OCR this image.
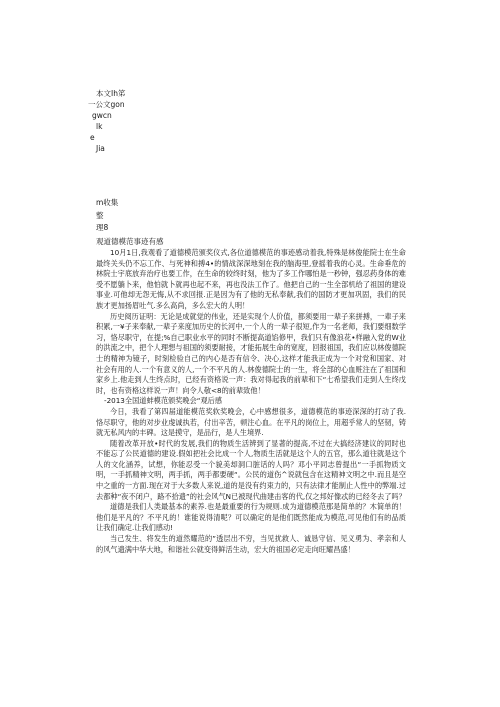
本文Ih笫

一公文gon

gwcn

lk

e

Jia

m收集

整

理8

观道德模范事迹有感

10月1日,我观看了道德模范颁奖仪式,各位道德模范的事迹感动着我,特殊是林俊能院士在生命最终关头仍不忘工作、与死神和搏4•的情战深深地刻在我的脑海里,登摇着我的心灵。生命垂危的林院士宇底放弃治疗也要工作，在生命的较终时刻，他为了多工作哪怕是一秒钟，强忍药身体的难受不愿躺卜来，他怕就卜就再也起不来，再也没法工作了。他把自己的一生全部机给了祖国的建设事业.可他却无怨无悔,从不求回报.正是因为有了他的无私奉献,我们的国防才更加巩固，我们的民族才更加扬眉吐气.多么高尚，多么宏大的人明！

历史阅历证明：无论是成就觉的伟业，还是实现个人价值，都须要用一辈子来拼搏，一辈子来积累,一¥子来奉献,一辈子来度加历史的长河中,一个人的一辈子很短,作为一名老师，我们要细数学习，恪尽职守，在提;%自己职业水平的同时不断提高道馅修甲，我们只有像浪花•样融入党的W业的洪流之中，把个人理想与祖国的须要耐接，才能拓展生命的宽度，回报祖国，我们应以林俊德院士的精神为镜子，时刻检验自己的内心是否有信令、决心,这样才能我正成为一个对党和国家、对社会有用的人.一个有意义的人,一个不平凡的人.林俊德院士的一生，将全部的心血赃注在了祖国和家乡上.他走到人生终点时，已经有资格说一声：我对得起我的前辈和下“七希望我们走到人生终戊时，也有资格这样说一声！向令人敬<8的前辈致他！

-2013全国道蚌模范颁奖晚会“观后感

今日，我看了第四届道能模范奖软奖晚会，心中感想很多，道德模范的事迹深深的打动了我.恪尽职守，他的对步业虔诚执若，付出辛苦，顿注心血。在平凡的岗位上，用超乎常人的坚韧，铸就无私风内的丰碑。这是摸守，是品行，是人生境界.

随着改革开放•时代的发展,我们的物质生活辨到了显著的提高,不过在大搞经济建议的同时也不能忘了公民道德的建设.假如把社会比成一个人,物质生活就是这个人的五官，那么道往就是这个人的文化涵养，试想，你能忍受一个貌美却洞口脏话的人吗？邓小平同志曾提出“一手抓物质文明，一手抓精神文明，两手抓，两手都要硬“。公民的道伤^说就包含在这精神文明之中.而且是空中之重的一方面.现在对于大多数人来说,道的是没有约束力的，只有法律才能制止人性中的弊端.过去都种“夜不闭户，路不拾遗”的社会风气N已被现代曲建击客的代,仅之邦好像忒的已经冬去了吗？

道德是我们人类最基本的素养.也是最重要的行为规则.成为道德模范那是简单的？木简单的！他们是平凡的？不平凡的！谁能说得清呢？可以确定的是他们既然能成为模范,可见他们有的品质让我们确定.让我们感动!

当己发生、将发生的道然耀范的”透层出不穷，当见扰救人、诚恳守信、见义勇为、孝亲和人的风气遗满中华大地，和谐社公就变得鲜活生动，宏大的祖国必定走向旺耀昌盛！
